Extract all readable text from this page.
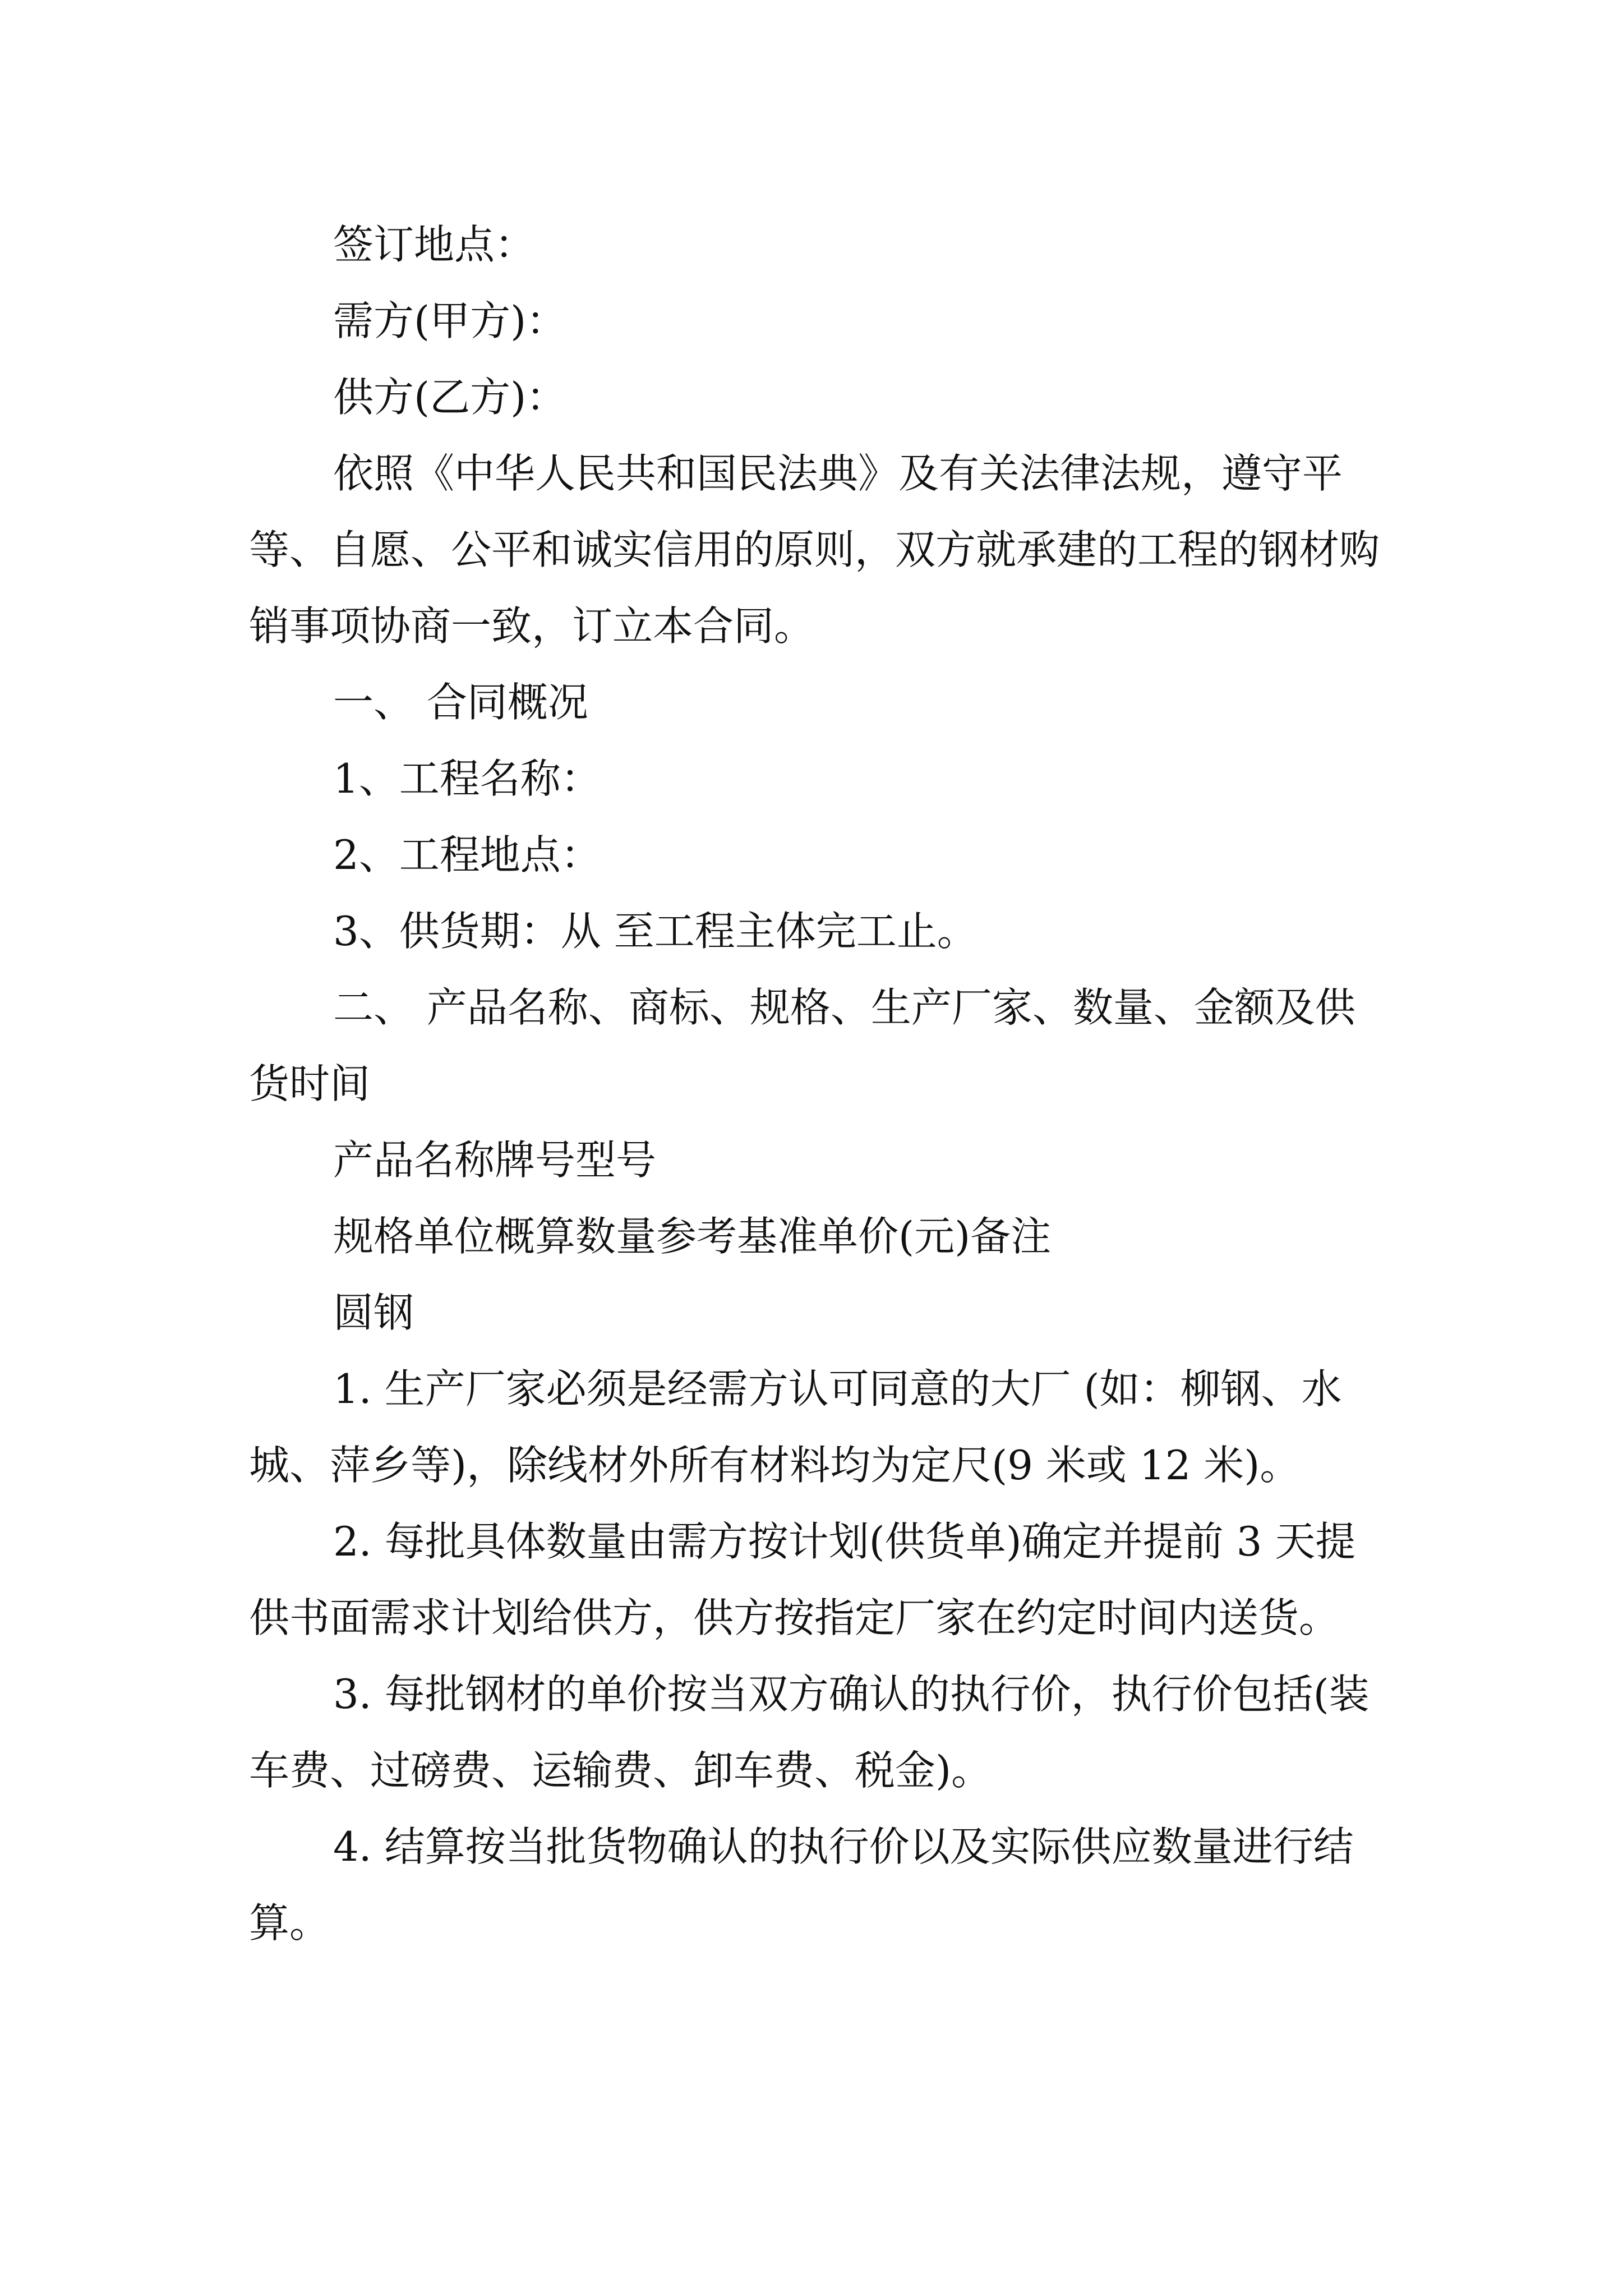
签订地点：

需方(甲方)：

供方(乙方)：

依照《中华人民共和国民法典》及有关法律法规，遵守平等、自愿、公平和诚实信用的原则，双方就承建的工程的钢材购销事项协商一致，订立本合同。

一、 合同概况

1、工程名称：

2、工程地点：

3、供货期：从 至工程主体完工止。

二、 产品名称、商标、规格、生产厂家、数量、金额及供货时间

产品名称牌号型号

规格单位概算数量参考基准单价(元)备注

圆钢

1. 生产厂家必须是经需方认可同意的大厂 (如：柳钢、水城、萍乡等)，除线材外所有材料均为定尺(9 米或 12 米)。

2. 每批具体数量由需方按计划(供货单)确定并提前 3 天提供书面需求计划给供方，供方按指定厂家在约定时间内送货。

3. 每批钢材的单价按当双方确认的执行价，执行价包括(装车费、过磅费、运输费、卸车费、税金)。

4. 结算按当批货物确认的执行价以及实际供应数量进行结算。
